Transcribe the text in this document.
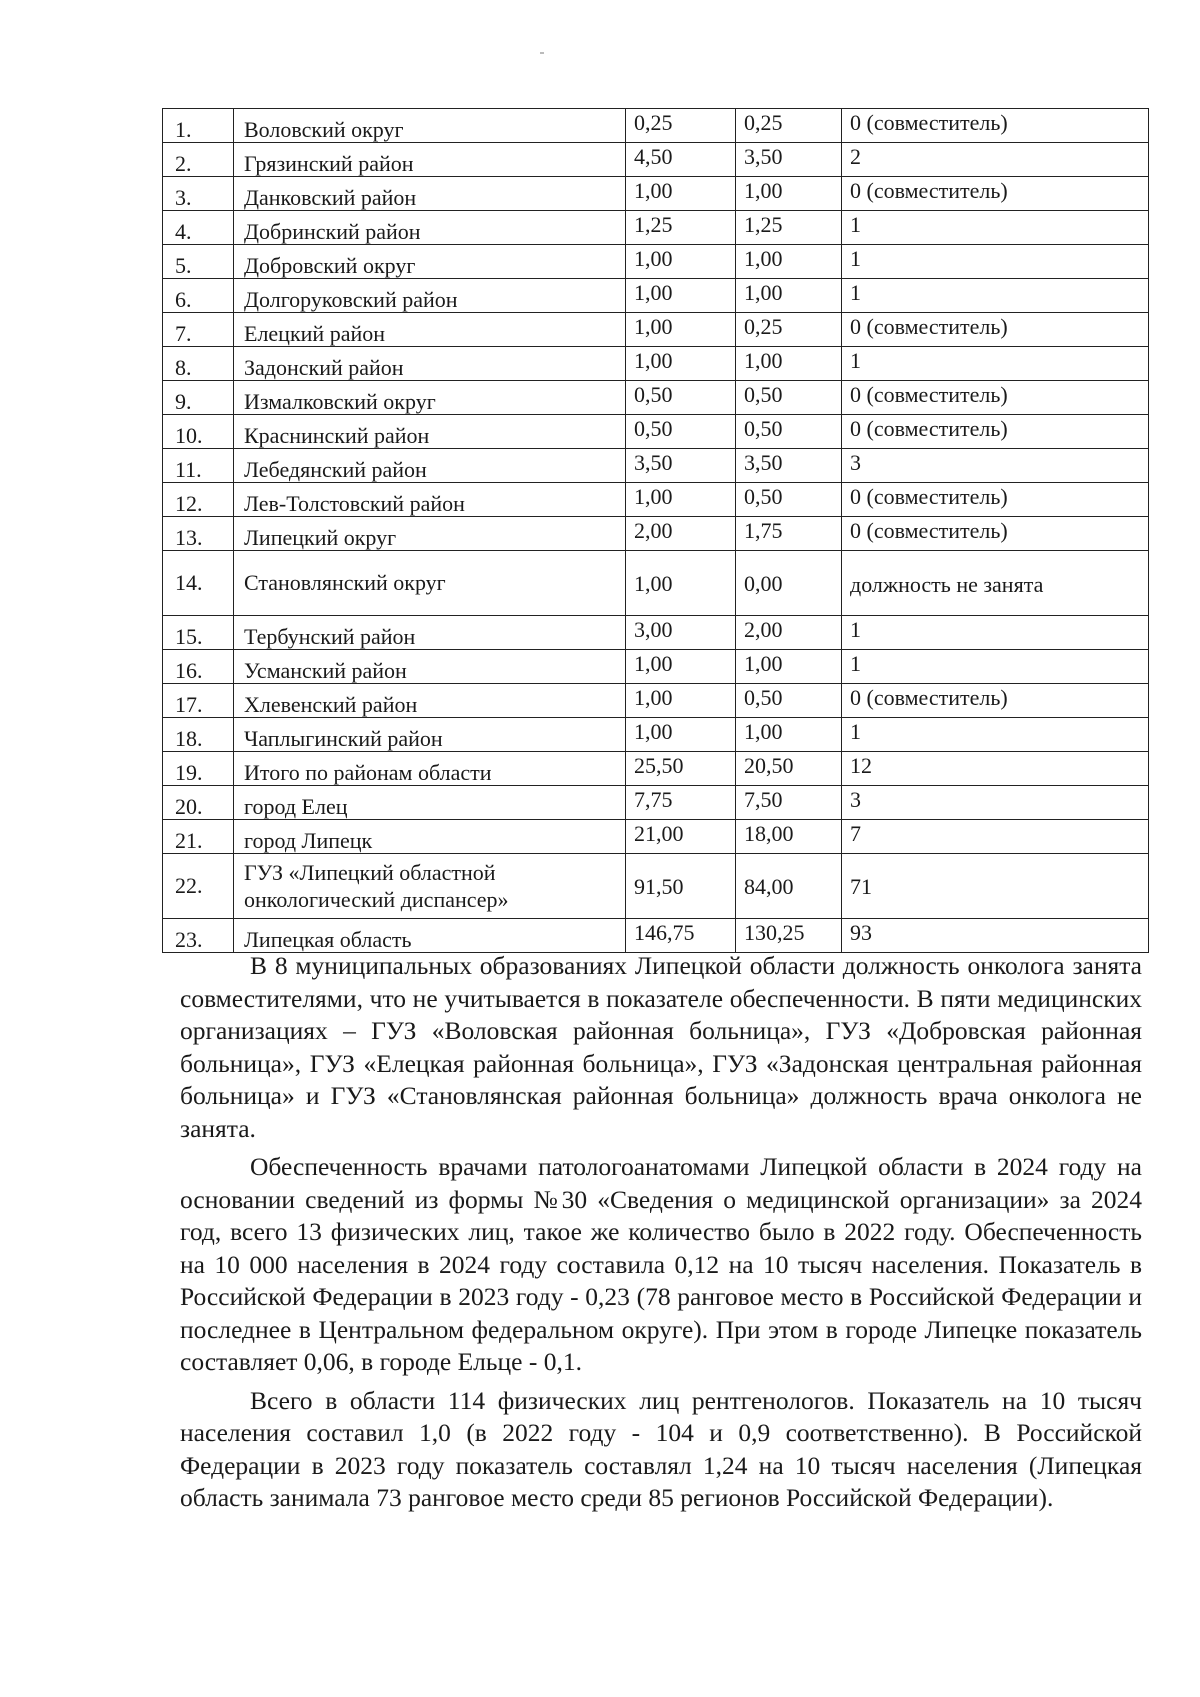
1.	Воловский округ	0,25	0,25	0 (совместитель)
2.	Грязинский район	4,50	3,50	2
3.	Данковский район	1,00	1,00	0 (совместитель)
4.	Добринский район	1,25	1,25	1
5.	Добровский округ	1,00	1,00	1
6.	Долгоруковский район	1,00	1,00	1
7.	Елецкий район	1,00	0,25	0 (совместитель)
8.	Задонский район	1,00	1,00	1
9.	Измалковский округ	0,50	0,50	0 (совместитель)
10.	Краснинский район	0,50	0,50	0 (совместитель)
11.	Лебедянский район	3,50	3,50	3
12.	Лев-Толстовский район	1,00	0,50	0 (совместитель)
13.	Липецкий округ	2,00	1,75	0 (совместитель)
14.	Становлянский округ	1,00	0,00	должность не занята
15.	Тербунский район	3,00	2,00	1
16.	Усманский район	1,00	1,00	1
17.	Хлевенский район	1,00	0,50	0 (совместитель)
18.	Чаплыгинский район	1,00	1,00	1
19.	Итого по районам области	25,50	20,50	12
20.	город Елец	7,75	7,50	3
21.	город Липецк	21,00	18,00	7
22.	ГУЗ «Липецкий областной онкологический диспансер»	91,50	84,00	71
23.	Липецкая область	146,75	130,25	93

В 8 муниципальных образованиях Липецкой области должность онколога занята совместителями, что не учитывается в показателе обеспеченности. В пяти медицинских организациях – ГУЗ «Воловская районная больница», ГУЗ «Добровская районная больница», ГУЗ «Елецкая районная больница», ГУЗ «Задонская центральная районная больница» и ГУЗ «Становлянская районная больница» должность врача онколога не занята.

Обеспеченность врачами патологоанатомами Липецкой области в 2024 году на основании сведений из формы №30 «Сведения о медицинской организации» за 2024 год, всего 13 физических лиц, такое же количество было в 2022 году. Обеспеченность на 10 000 населения в 2024 году составила 0,12 на 10 тысяч населения. Показатель в Российской Федерации в 2023 году - 0,23 (78 ранговое место в Российской Федерации и последнее в Центральном федеральном округе). При этом в городе Липецке показатель составляет 0,06, в городе Ельце - 0,1.

Всего в области 114 физических лиц рентгенологов. Показатель на 10 тысяч населения составил 1,0 (в 2022 году - 104 и 0,9 соответственно). В Российской Федерации в 2023 году показатель составлял 1,24 на 10 тысяч населения (Липецкая область занимала 73 ранговое место среди 85 регионов Российской Федерации).
